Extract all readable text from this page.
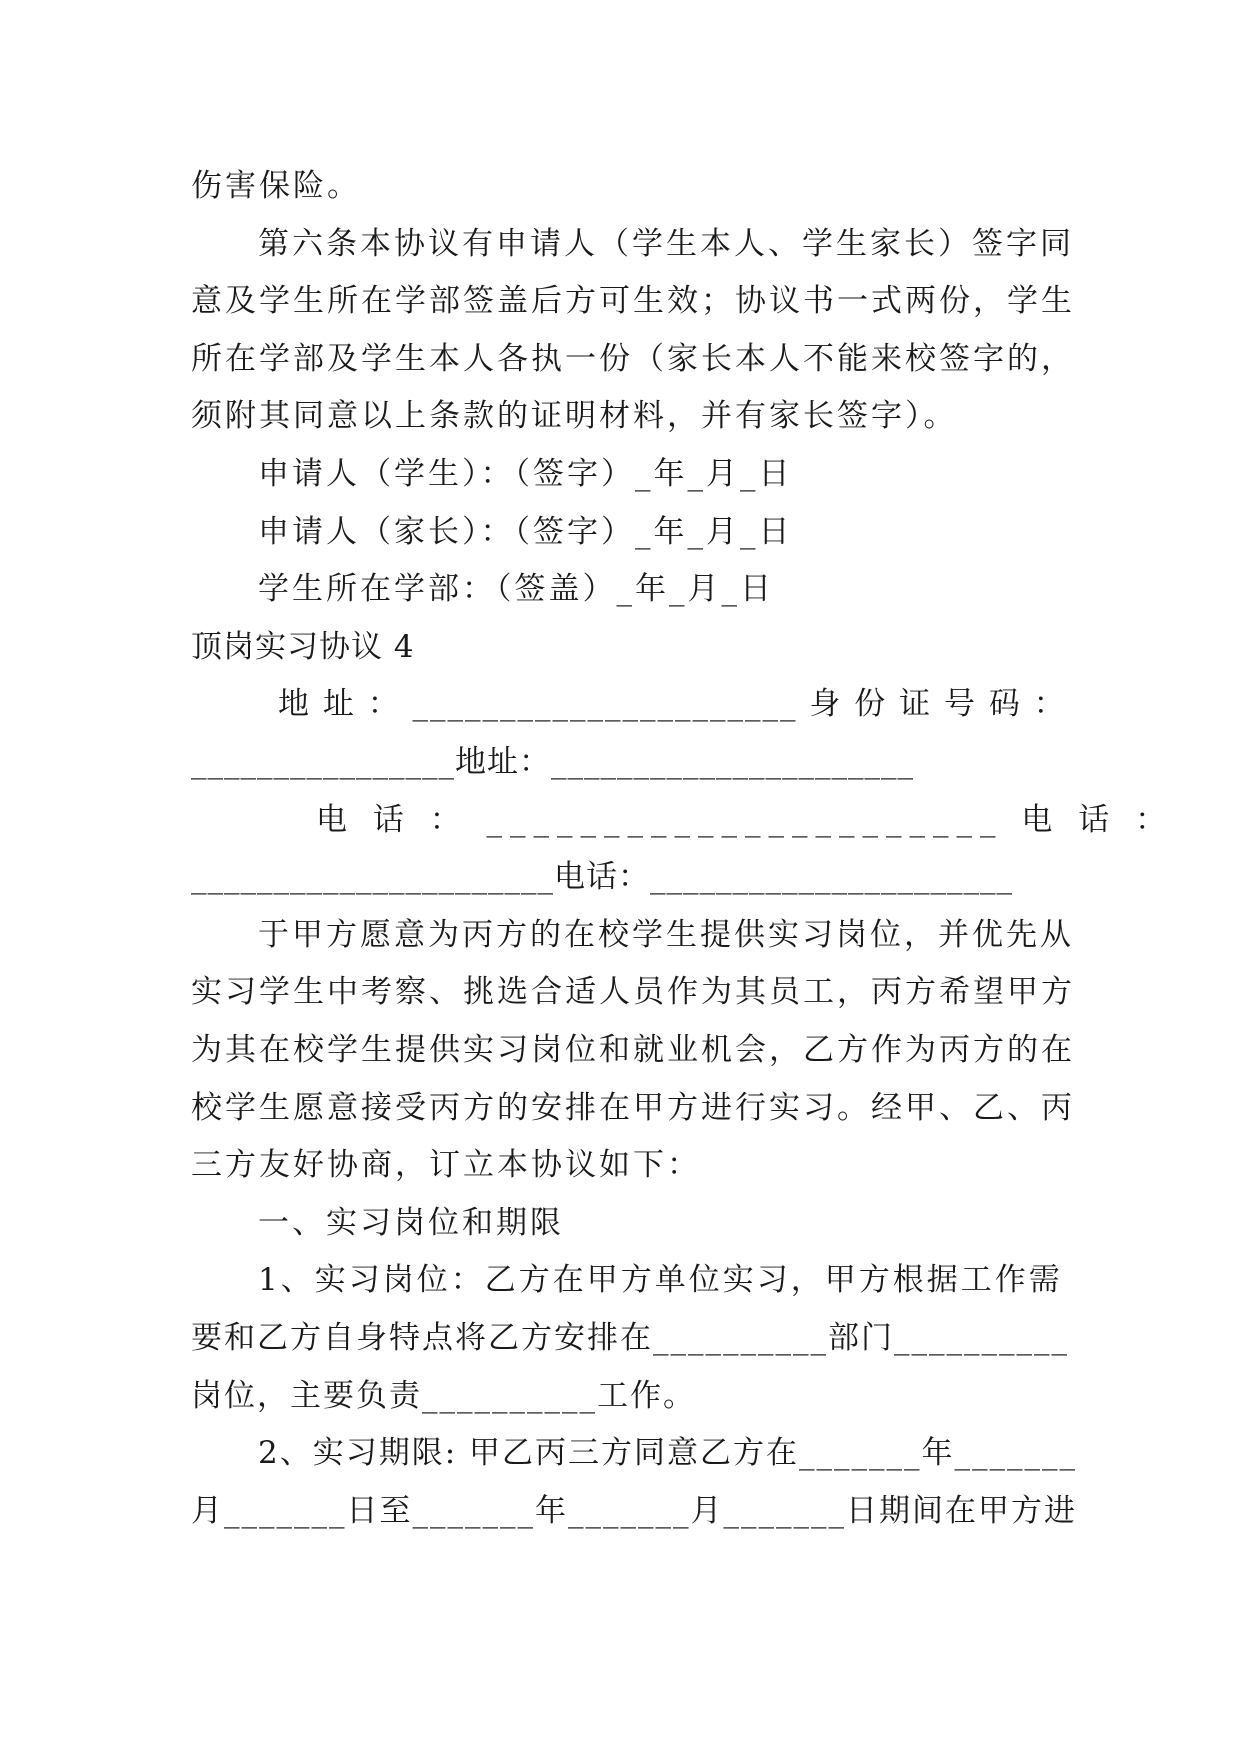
伤害保险。
第六条本协议有申请人（学生本人、学生家长）签字同
意及学生所在学部签盖后方可生效；协议书一式两份，学生
所在学部及学生本人各执一份（家长本人不能来校签字的，
须附其同意以上条款的证明材料，并有家长签字）。
申请人（学生）：（签字）_年_月_日
申请人（家长）：（签字）_年_月_日
学生所在学部：（签盖）_年_月_日
顶岗实习协议 4
地 址 ： ______________________ 身 份 证 号 码 ：
________________地址：______________________
电 话 ： ______________________ 电 话 ：
______________________电话：______________________
于甲方愿意为丙方的在校学生提供实习岗位，并优先从
实习学生中考察、挑选合适人员作为其员工，丙方希望甲方
为其在校学生提供实习岗位和就业机会，乙方作为丙方的在
校学生愿意接受丙方的安排在甲方进行实习。经甲、乙、丙
三方友好协商，订立本协议如下：
一、实习岗位和期限
1、实习岗位：乙方在甲方单位实习，甲方根据工作需
要和乙方自身特点将乙方安排在__________部门__________
岗位，主要负责__________工作。
2、实习期限: 甲乙丙三方同意乙方在_______年_______
月_______日至_______年_______月_______日期间在甲方进
